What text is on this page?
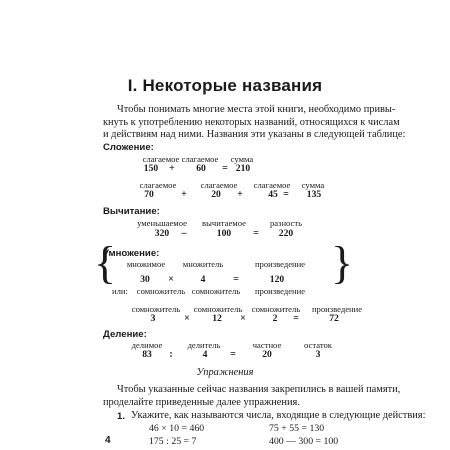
I. Некоторые названия
Чтобы понимать многие места этой книги, необходимо привы-
кнуть к употреблению некоторых названий, относящихся к числам
и действиям над ними. Названия эти указаны в следующей таблице:
Сложение:
слагаемое слагаемое	сумма
150	+	60	= 210
слагаемое	слагаемое	слагаемое	сумма
70	+	20	+	45 =	135
Вычитание:
уменьшаемое	вычитаемое	разность
320	–	100	=	220
Умножение:
{	}
множимое	множитель	произведение
30	×	4	=	120
или:	сомножитель сомножитель	произведение
сомножитель	сомножитель	сомножитель	произведение
3	×	12	×	2	=	72
Деление:
делимое	делитель	частное	остаток
83	:	4	=	20	3
Упражнения
Чтобы указанные сейчас названия закрепились в вашей памяти,
проделайте приведенные далее упражнения.
1. Укажите, как называются числа, входящие в следующие действия:
46 × 10 = 460	75 + 55 = 130
175 : 25 = 7	400 — 300 = 100
4
